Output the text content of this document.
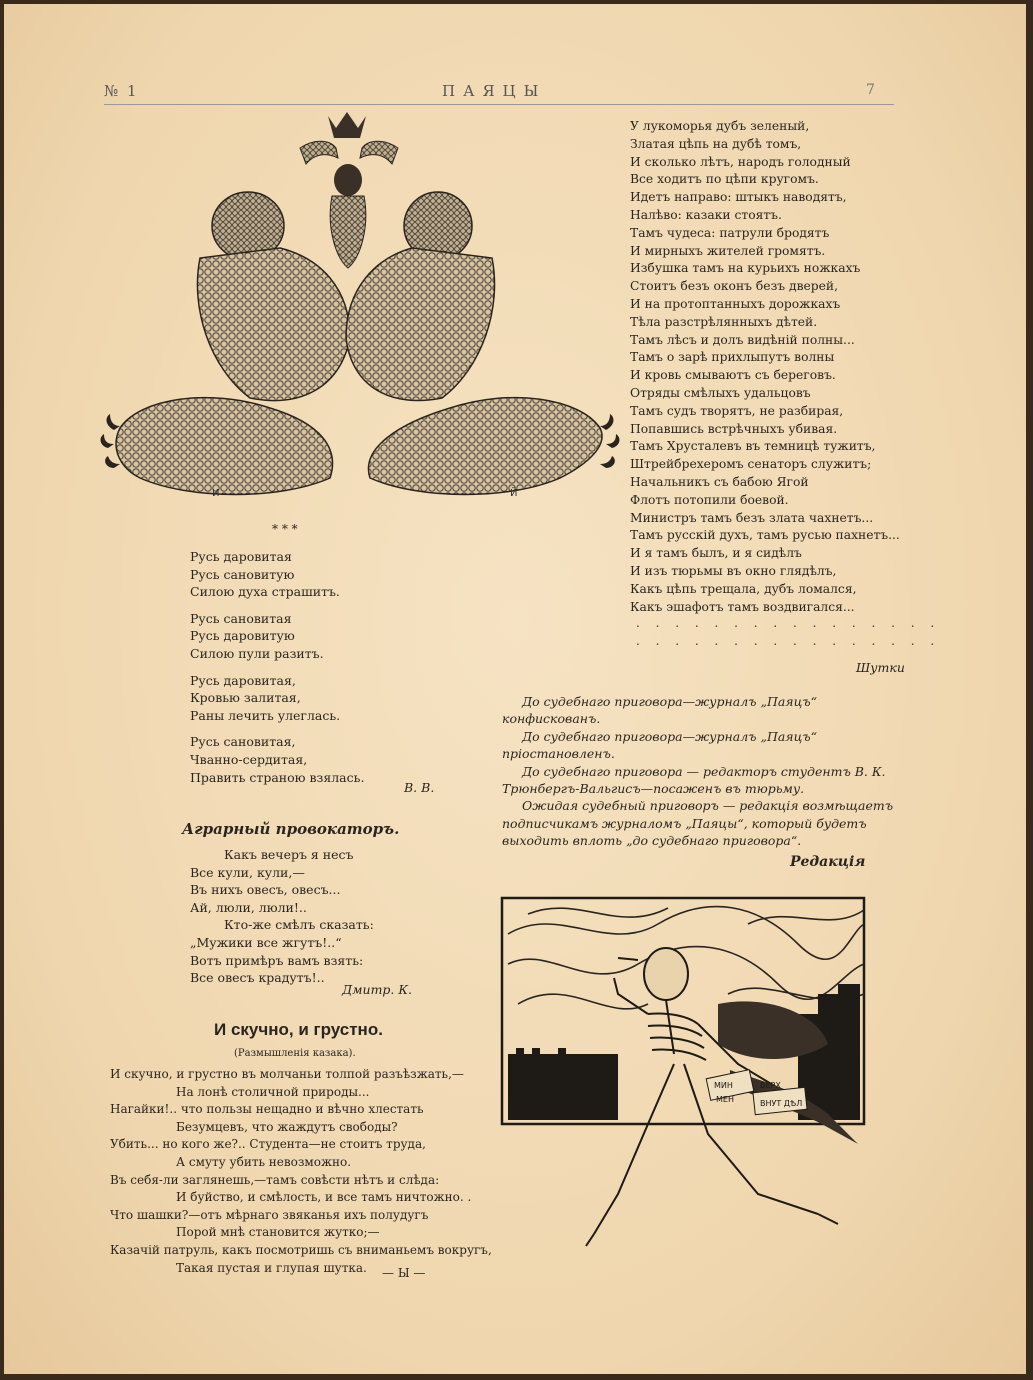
№ 1	ПАЯЦЫ	7
И	Й
* * *
Русь даровитая
Русь сановитую
Силою духа страшитъ.
Русь сановитая
Русь даровитую
Силою пули разитъ.
Русь даровитая,
Кровью залитая,
Раны лечить улеглась.
Русь сановитая,
Чванно-сердитая,
Править страною взялась.
В. В.
Аграрный провокаторъ.
Какъ вечеръ я несъ
Все кули, кули,—
Въ нихъ овесъ, овесъ...
Ай, люли, люли!..
Кто-же смѣлъ сказать:
„Мужики все жгутъ!..“
Вотъ примѣръ вамъ взять:
Все овесъ крадутъ!..
Дмитр. К.
И скучно, и грустно.
(Размышленія казака).
И скучно, и грустно въ молчаньи толпой разъѣзжать,—
На лонѣ столичной природы...
Нагайки!.. что пользы нещадно и вѣчно хлестать
Безумцевъ, что жаждутъ свободы?
Убить... но кого же?.. Студента—не стоитъ труда,
А смуту убить невозможно.
Въ себя-ли заглянешь,—тамъ совѣсти нѣтъ и слѣда:
И буйство, и смѣлость, и все тамъ ничтожно. .
Что шашки?—отъ мѣрнаго звяканья ихъ полудугъ
Порой мнѣ становится жутко;—
Казачій патруль, какъ посмотришь съ вниманьемъ вокругъ,
Такая пустая и глупая шутка.	— Ы —
У лукоморья дубъ зеленый,
Златая цѣпь на дубѣ томъ,
И сколько лѣтъ, народъ голодный
Все ходитъ по цѣпи кругомъ.
Идетъ направо: штыкъ наводятъ,
Налѣво: казаки стоятъ.
Тамъ чудеса: патрули бродятъ
И мирныхъ жителей громятъ.
Избушка тамъ на курьихъ ножкахъ
Стоитъ безъ оконъ безъ дверей,
И на протоптанныхъ дорожкахъ
Тѣла разстрѣлянныхъ дѣтей.
Тамъ лѣсъ и долъ видѣній полны...
Тамъ о зарѣ прихлыпутъ волны
И кровь смываютъ съ береговъ.
Отряды смѣлыхъ удальцовъ
Тамъ судъ творятъ, не разбирая,
Попавшись встрѣчныхъ убивая.
Тамъ Хрусталевъ въ темницѣ тужитъ,
Штрейбрехеромъ сенаторъ служитъ;
Начальникъ съ бабою Ягой
Флотъ потопили боевой.
Министръ тамъ безъ злата чахнетъ...
Тамъ русскій духъ, тамъ русью пахнетъ...
И я тамъ былъ, и я сидѣлъ
И изъ тюрьмы въ окно глядѣлъ,
Какъ цѣпь трещала, дубъ ломался,
Какъ эшафотъ тамъ воздвигался...
. . . . . . . . . . . . . . . .
. . . . . . . . . . . . . . . .
Шутки

До судебнаго приговора—журналъ „Паяцъ“ конфискованъ.

До судебнаго приговора—журналъ „Паяцъ“ пріостановленъ.

До судебнаго приговора — редакторъ студентъ В. К. Трюнбергъ-Вальгисъ—посаженъ въ тюрьму.

Ожидая судебный приговоръ — редакція возмѣщаетъ подписчикамъ журналомъ „Паяцы“, который будетъ выходить вплоть „до судебнаго приговора“.

Редакція
МИН	ВЕРХ
МЕН	ВНУТ ДѢЛ
